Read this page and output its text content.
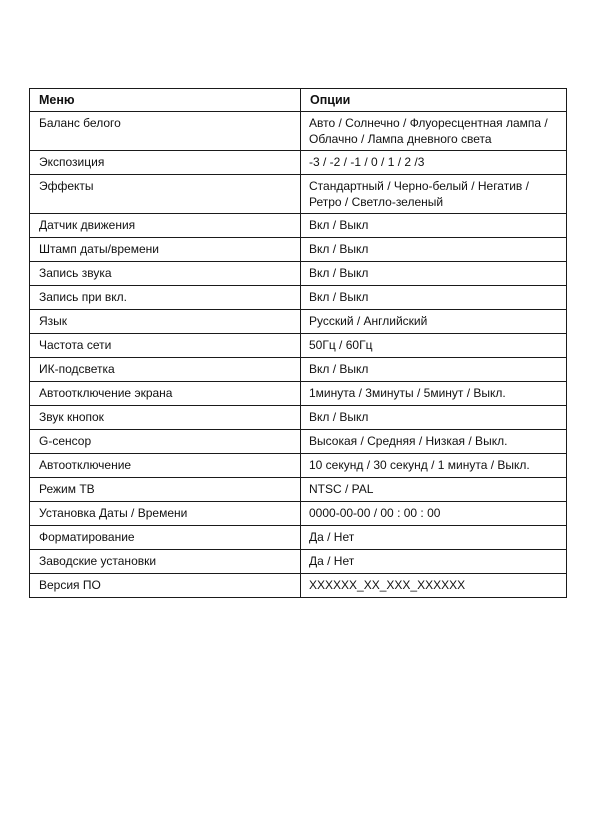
Меню	Опции
Баланс белого	Авто / Солнечно / Флуоресцентная лампа / Облачно / Лампа дневного света
Экспозиция	-3 / -2 / -1 / 0 / 1 / 2 /3
Эффекты	Стандартный / Черно-белый / Негатив / Ретро / Светло-зеленый
Датчик движения	Вкл / Выкл
Штамп даты/времени	Вкл / Выкл
Запись звука	Вкл / Выкл
Запись при вкл.	Вкл / Выкл
Язык	Русский / Английский
Частота сети	50Гц / 60Гц
ИК-подсветка	Вкл / Выкл
Автоотключение экрана	1минута / 3минуты / 5минут / Выкл.
Звук кнопок	Вкл / Выкл
G-сенсор	Высокая / Средняя / Низкая / Выкл.
Автоотключение	10 секунд / 30 секунд / 1 минута / Выкл.
Режим ТВ	NTSC / PAL
Установка Даты / Времени	0000-00-00 / 00 : 00 : 00
Форматирование	Да / Нет
Заводские установки	Да / Нет
Версия ПО	XXXXXX_XX_XXX_XXXXXX
